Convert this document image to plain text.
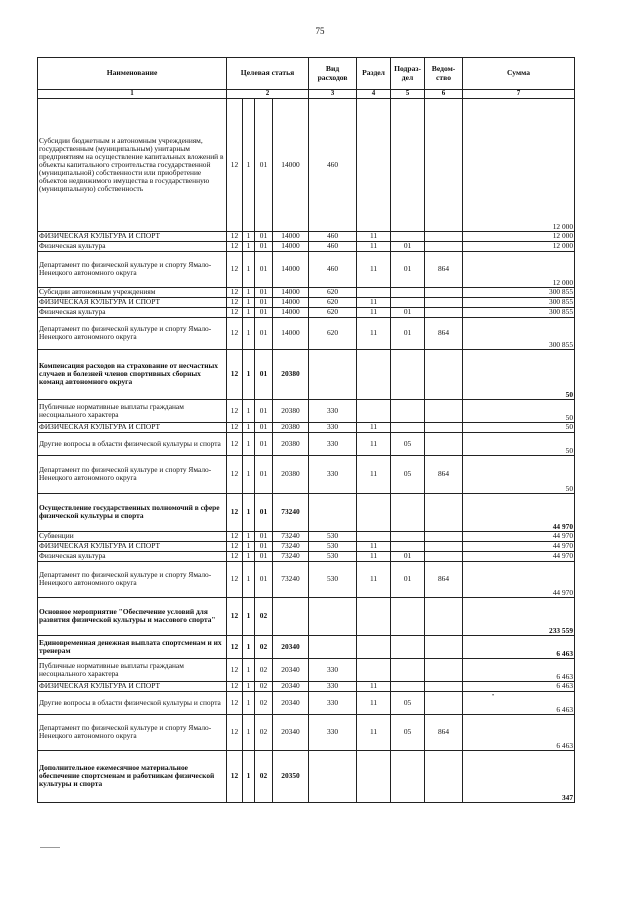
75
Наименование	Целевая статья				Вид расходов	Раздел	Подраз-дел	Ведом-ство	Сумма
1	2				3	4	5	6	7
Субсидии бюджетным и автономным учреждениям, государственным (муниципальным) унитарным предприятиям на осуществление капитальных вложений в объекты капитального строительства государственной (муниципальной) собственности или приобретение объектов недвижимого имущества в государственную (муниципальную) собственность	12	1	01	14000	460				12 000
ФИЗИЧЕСКАЯ КУЛЬТУРА И СПОРТ	12	1	01	14000	460	11			12 000
Физическая культура	12	1	01	14000	460	11	01		12 000
Департамент по физической культуре и спорту Ямало-Ненецкого автономного округа	12	1	01	14000	460	11	01	864	12 000
Субсидии автономным учреждениям	12	1	01	14000	620				300 855
ФИЗИЧЕСКАЯ КУЛЬТУРА И СПОРТ	12	1	01	14000	620	11			300 855
Физическая культура	12	1	01	14000	620	11	01		300 855
Департамент по физической культуре и спорту Ямало-Ненецкого автономного округа	12	1	01	14000	620	11	01	864	300 855
Компенсация расходов на страхование от несчастных случаев и болезней членов спортивных сборных команд автономного округа	12	1	01	20380					50
Публичные нормативные выплаты гражданам несоциального характера	12	1	01	20380	330				50
ФИЗИЧЕСКАЯ КУЛЬТУРА И СПОРТ	12	1	01	20380	330	11			50
Другие вопросы в области физической культуры и спорта	12	1	01	20380	330	11	05		50
Департамент по физической культуре и спорту Ямало-Ненецкого автономного округа	12	1	01	20380	330	11	05	864	50
Осуществление государственных полномочий в сфере физической культуры и спорта	12	1	01	73240					44 970
Субвенции	12	1	01	73240	530				44 970
ФИЗИЧЕСКАЯ КУЛЬТУРА И СПОРТ	12	1	01	73240	530	11			44 970
Физическая культура	12	1	01	73240	530	11	01		44 970
Департамент по физической культуре и спорту Ямало-Ненецкого автономного округа	12	1	01	73240	530	11	01	864	44 970
Основное мероприятие "Обеспечение условий для развития физической культуры и массового спорта"	12	1	02						233 559
Единовременная денежная выплата спортсменам и их тренерам	12	1	02	20340					6 463
Публичные нормативные выплаты гражданам несоциального характера	12	1	02	20340	330				6 463
ФИЗИЧЕСКАЯ КУЛЬТУРА И СПОРТ	12	1	02	20340	330	11			6 463
Другие вопросы в области физической культуры и спорта	12	1	02	20340	330	11	05		6 463
Департамент по физической культуре и спорту Ямало-Ненецкого автономного округа	12	1	02	20340	330	11	05	864	6 463
Дополнительное ежемесячное материальное обеспечение спортсменам и работникам физической культуры и спорта	12	1	02	20350					347
•
